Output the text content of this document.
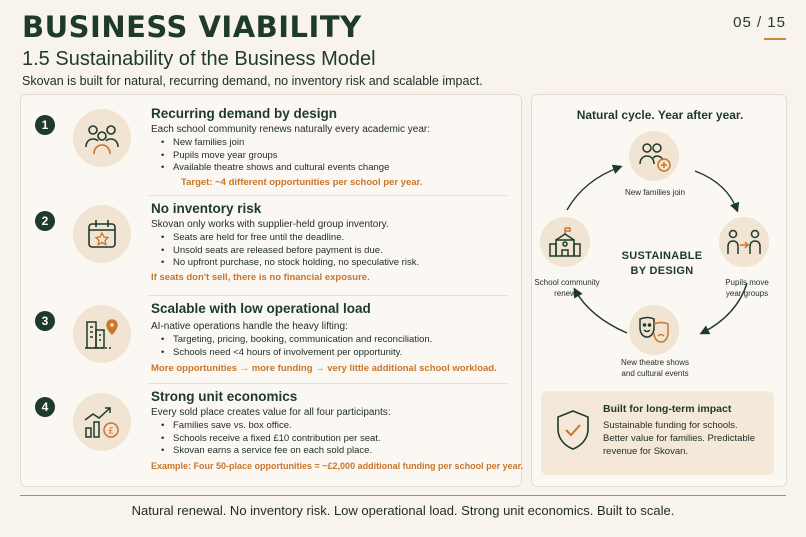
BUSINESS VIABILITY	05 / 15
1.5 Sustainability of the Business Model
Skovan is built for natural, recurring demand, no inventory risk and scalable impact.
1
Recurring demand by design
Each school community renews naturally every academic year:
• New families join
• Pupils move year groups
• Available theatre shows and cultural events change
Target: ~4 different opportunities per school per year.
2
No inventory risk
Skovan only works with supplier-held group inventory.
• Seats are held for free until the deadline.
• Unsold seats are released before payment is due.
• No upfront purchase, no stock holding, no speculative risk.
If seats don't sell, there is no financial exposure.
3
Scalable with low operational load
AI-native operations handle the heavy lifting:
• Targeting, pricing, booking, communication and reconciliation.
• Schools need <4 hours of involvement per opportunity.
More opportunities → more funding → very little additional school workload.
4
£
Strong unit economics
Every sold place creates value for all four participants:
• Families save vs. box office.
• Schools receive a fixed £10 contribution per seat.
• Skovan earns a service fee on each sold place.
Example: Four 50-place opportunities = ~£2,000 additional funding per school per year.
Natural cycle. Year after year.
New families join
Pupils move
year groups
New theatre shows
and cultural events
School community
renews
SUSTAINABLE
BY DESIGN
Built for long-term impact
Sustainable funding for schools.
Better value for families. Predictable
revenue for Skovan.
Natural renewal. No inventory risk. Low operational load. Strong unit economics. Built to scale.
